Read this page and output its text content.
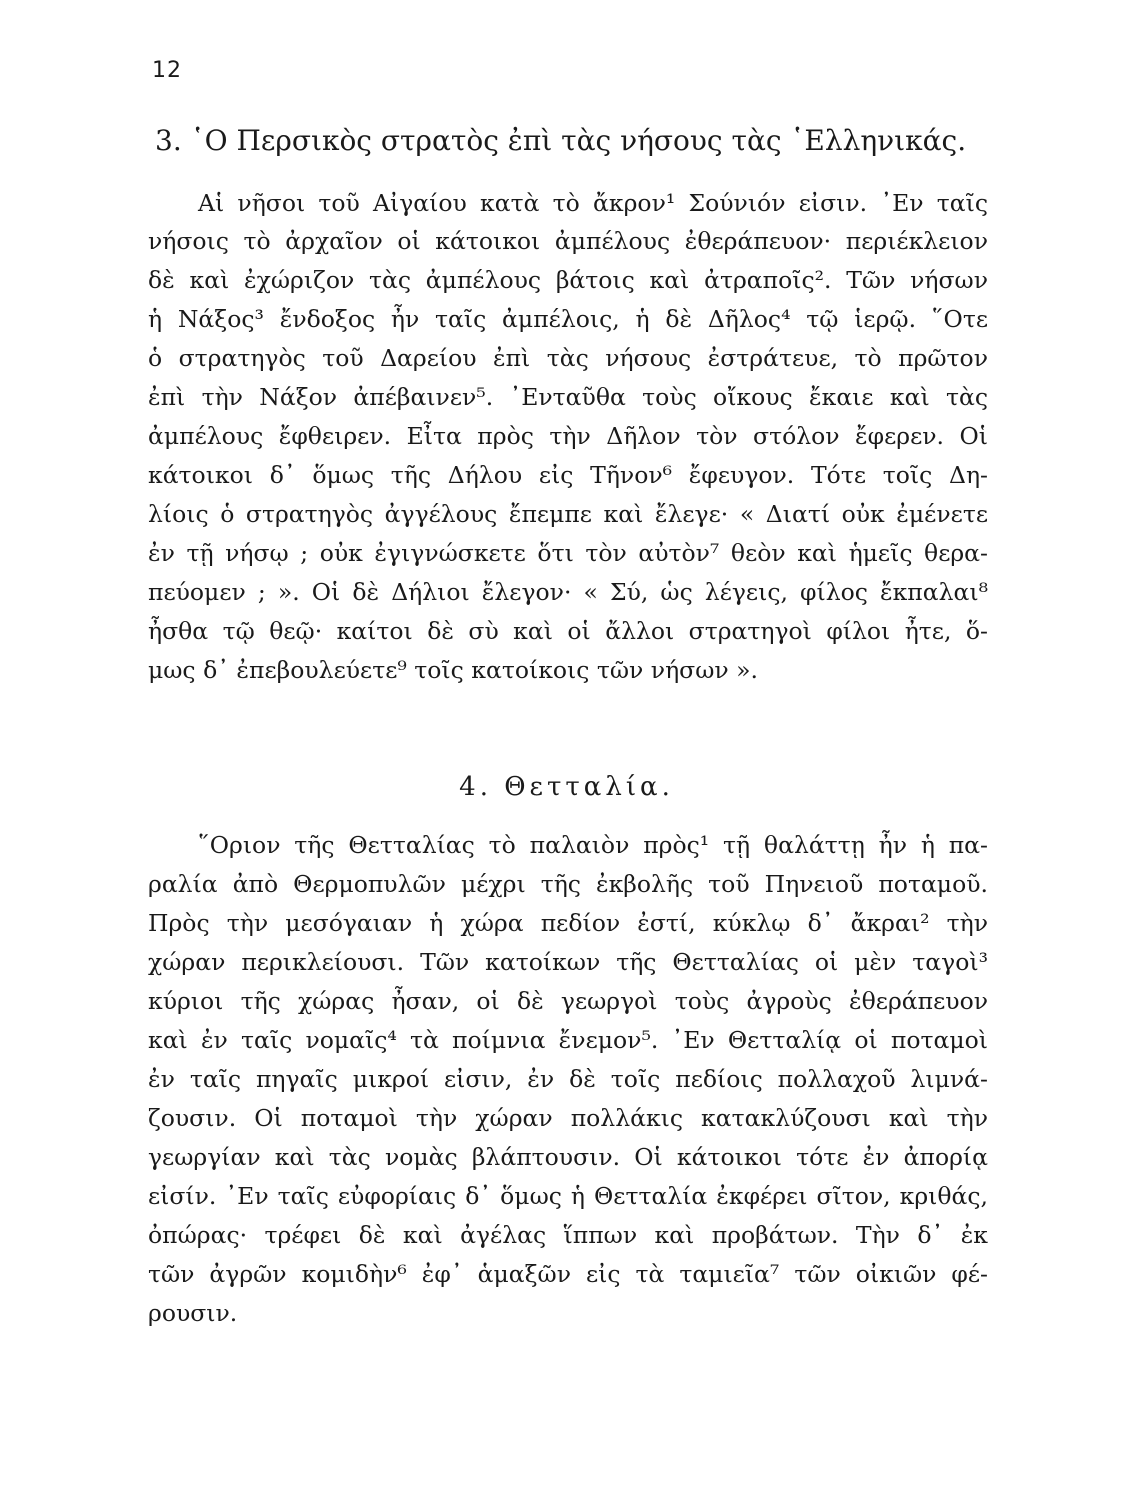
12
3. ῾Ο Περσικὸς στρατὸς ἐπὶ τὰς νήσους τὰς ῾Ελληνικάς.
Αἱ νῆσοι τοῦ Αἰγαίου κατὰ τὸ ἄκρον¹ Σούνιόν εἰσιν. ᾿Εν ταῖς
νήσοις τὸ ἀρχαῖον οἱ κάτοικοι ἀμπέλους ἐθεράπευον· περιέκλειον
δὲ καὶ ἐχώριζον τὰς ἀμπέλους βάτοις καὶ ἀτραποῖς². Τῶν νήσων
ἡ Νάξος³ ἔνδοξος ἦν ταῖς ἀμπέλοις, ἡ δὲ Δῆλος⁴ τῷ ἱερῷ. ῞Οτε
ὁ στρατηγὸς τοῦ Δαρείου ἐπὶ τὰς νήσους ἐστράτευε, τὸ πρῶτον
ἐπὶ τὴν Νάξον ἀπέβαινεν⁵. ᾿Ενταῦθα τοὺς οἴκους ἔκαιε καὶ τὰς
ἀμπέλους ἔφθειρεν. Εἶτα πρὸς τὴν Δῆλον τὸν στόλον ἔφερεν. Οἱ
κάτοικοι δ᾿ ὅμως τῆς Δήλου εἰς Τῆνον⁶ ἔφευγον. Τότε τοῖς Δη-
λίοις ὁ στρατηγὸς ἀγγέλους ἔπεμπε καὶ ἔλεγε· « Διατί οὐκ ἐμένετε
ἐν τῇ νήσῳ ; οὐκ ἐγιγνώσκετε ὅτι τὸν αὐτὸν⁷ θεὸν καὶ ἡμεῖς θερα-
πεύομεν ; ». Οἱ δὲ Δήλιοι ἔλεγον· « Σύ, ὡς λέγεις, φίλος ἔκπαλαι⁸
ἦσθα τῷ θεῷ· καίτοι δὲ σὺ καὶ οἱ ἄλλοι στρατηγοὶ φίλοι ἦτε, ὅ-
μως δ᾿ ἐπεβουλεύετε⁹ τοῖς κατοίκοις τῶν νήσων ».
4. Θετταλία.
῞Οριον τῆς Θετταλίας τὸ παλαιὸν πρὸς¹ τῇ θαλάττῃ ἦν ἡ πα-
ραλία ἀπὸ Θερμοπυλῶν μέχρι τῆς ἐκβολῆς τοῦ Πηνειοῦ ποταμοῦ.
Πρὸς τὴν μεσόγαιαν ἡ χώρα πεδίον ἐστί, κύκλῳ δ᾿ ἄκραι² τὴν
χώραν περικλείουσι. Τῶν κατοίκων τῆς Θετταλίας οἱ μὲν ταγοὶ³
κύριοι τῆς χώρας ἦσαν, οἱ δὲ γεωργοὶ τοὺς ἀγροὺς ἐθεράπευον
καὶ ἐν ταῖς νομαῖς⁴ τὰ ποίμνια ἔνεμον⁵. ᾿Εν Θετταλίᾳ οἱ ποταμοὶ
ἐν ταῖς πηγαῖς μικροί εἰσιν, ἐν δὲ τοῖς πεδίοις πολλαχοῦ λιμνά-
ζουσιν. Οἱ ποταμοὶ τὴν χώραν πολλάκις κατακλύζουσι καὶ τὴν
γεωργίαν καὶ τὰς νομὰς βλάπτουσιν. Οἱ κάτοικοι τότε ἐν ἀπορίᾳ
εἰσίν. ᾿Εν ταῖς εὐφορίαις δ᾿ ὅμως ἡ Θετταλία ἐκφέρει σῖτον, κριθάς,
ὀπώρας· τρέφει δὲ καὶ ἀγέλας ἵππων καὶ προβάτων. Τὴν δ᾿ ἐκ
τῶν ἀγρῶν κομιδὴν⁶ ἐφ᾿ ἁμαξῶν εἰς τὰ ταμιεῖα⁷ τῶν οἰκιῶν φέ-
ρουσιν.
